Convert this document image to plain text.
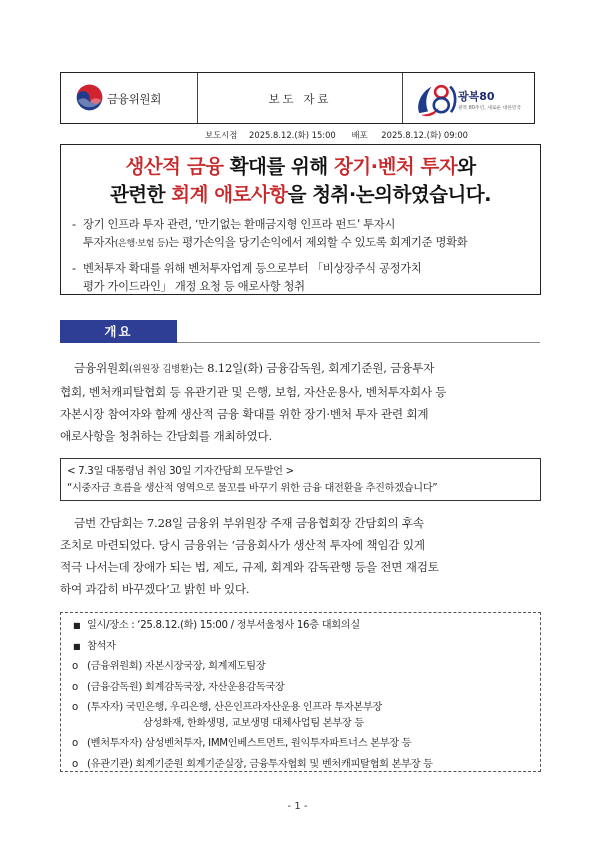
금융위원회	보도 자료	광복80
광복 80주년, 새로운 대한민국
보도시점 2025.8.12.(화) 15:00 배포 2025.8.12.(화) 09:00
생산적 금융 확대를 위해 장기·벤처 투자와
관련한 회계 애로사항을 청취·논의하였습니다.
- 장기 인프라 투자 관련, ‘만기없는 환매금지형 인프라 펀드’ 투자시
투자자(은행·보험 등)는 평가손익을 당기손익에서 제외할 수 있도록 회계기준 명확화
- 벤처투자 확대를 위해 벤처투자업계 등으로부터 「비상장주식 공정가치
평가 가이드라인」 개정 요청 등 애로사항 청취
개요
금융위원회(위원장 김병환)는 8.12일(화) 금융감독원, 회계기준원, 금융투자
협회, 벤처캐피탈협회 등 유관기관 및 은행, 보험, 자산운용사, 벤처투자회사 등
자본시장 참여자와 함께 생산적 금융 확대를 위한 장기·벤처 투자 관련 회계
애로사항을 청취하는 간담회를 개최하였다.
< 7.3일 대통령님 취임 30일 기자간담회 모두발언 >
“시중자금 흐름을 생산적 영역으로 물꼬를 바꾸기 위한 금융 대전환을 추진하겠습니다”
금번 간담회는 7.28일 금융위 부위원장 주재 금융협회장 간담회의 후속
조치로 마련되었다. 당시 금융위는 ‘금융회사가 생산적 투자에 책임감 있게
적극 나서는데 장애가 되는 법, 제도, 규제, 회계와 감독관행 등을 전면 재검토
하여 과감히 바꾸겠다’고 밝힌 바 있다.
■ 일시/장소 : ‘25.8.12.(화) 15:00 / 정부서울청사 16층 대회의실
■ 참석자
o (금융위원회) 자본시장국장, 회계제도팀장
o (금융감독원) 회계감독국장, 자산운용감독국장
o (투자자) 국민은행, 우리은행, 산은인프라자산운용 인프라 투자본부장
삼성화재, 한화생명, 교보생명 대체사업팀 본부장 등
o (벤처투자자) 삼성벤처투자, IMM인베스트먼트, 원익투자파트너스 본부장 등
o (유관기관) 회계기준원 회계기준실장, 금융투자협회 및 벤처캐피탈협회 본부장 등
- 1 -
